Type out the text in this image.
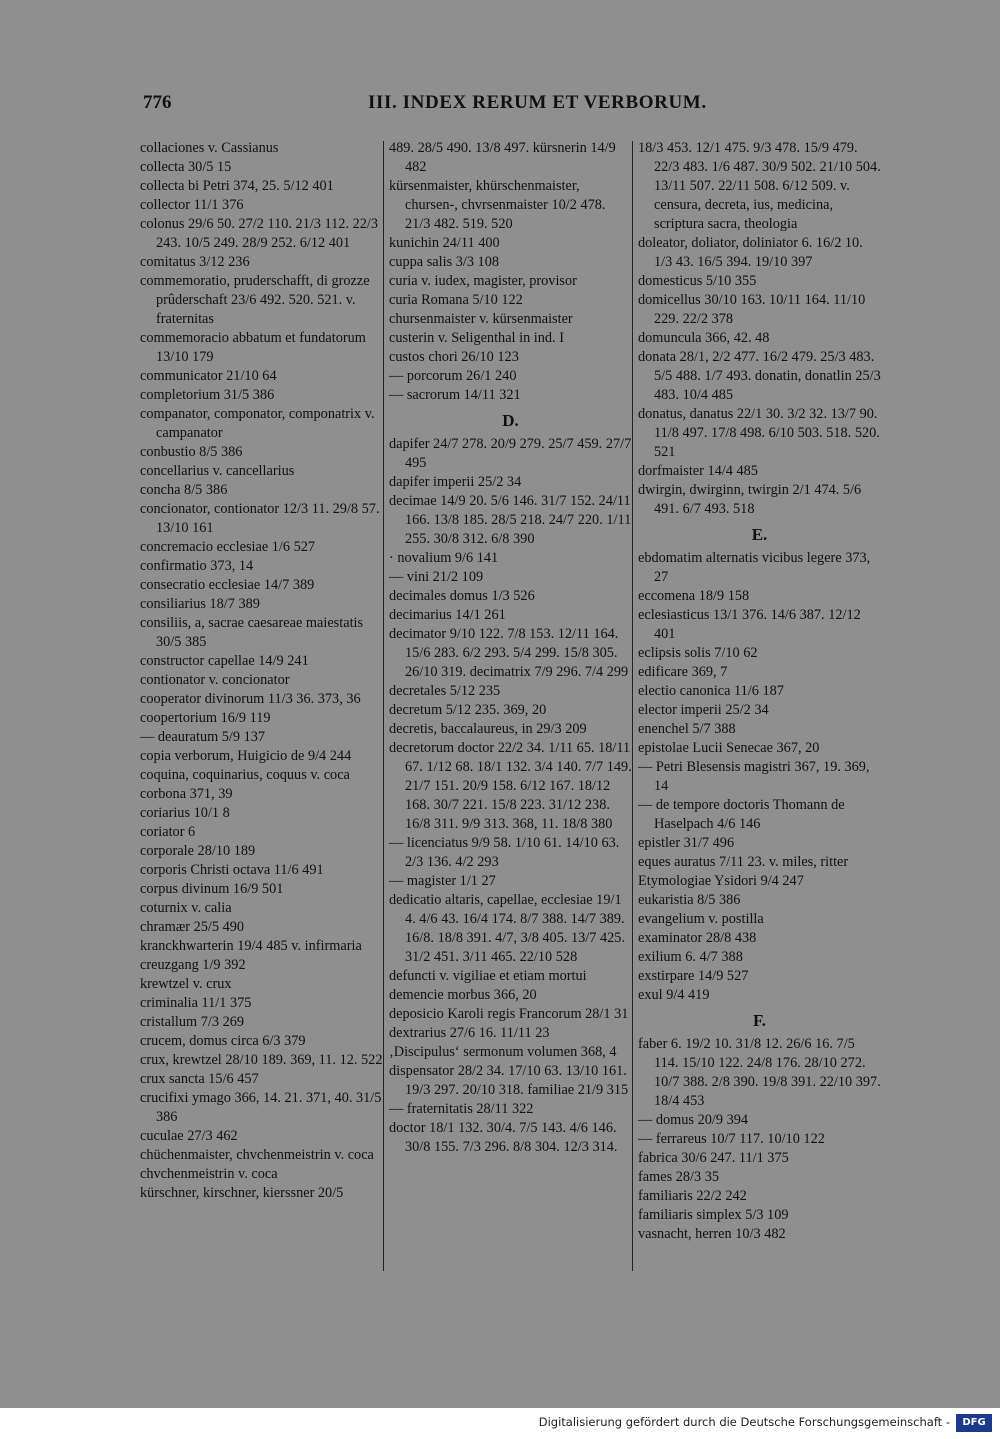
776	III. INDEX RERUM ET VERBORUM.
collaciones v. Cassianus
collecta 30/5 15
collecta bi Petri 374, 25. 5/12 401
collector 11/1 376
colonus 29/6 50. 27/2 110. 21/3 112. 22/3 243. 10/5 249. 28/9 252. 6/12 401
comitatus 3/12 236
commemoratio, pruderschafft, di grozze prûderschaft 23/6 492. 520. 521. v. fraternitas
commemoracio abbatum et fundatorum 13/10 179
communicator 21/10 64
completorium 31/5 386
companator, componator, componatrix v. campanator
conbustio 8/5 386
concellarius v. cancellarius
concha 8/5 386
concionator, contionator 12/3 11. 29/8 57. 13/10 161
concremacio ecclesiae 1/6 527
confirmatio 373, 14
consecratio ecclesiae 14/7 389
consiliarius 18/7 389
consiliis, a, sacrae caesareae maiestatis 30/5 385
constructor capellae 14/9 241
contionator v. concionator
cooperator divinorum 11/3 36. 373, 36
coopertorium 16/9 119
— deauratum 5/9 137
copia verborum, Huigicio de 9/4 244
coquina, coquinarius, coquus v. coca
corbona 371, 39
coriarius 10/1 8
coriator 6
corporale 28/10 189
corporis Christi octava 11/6 491
corpus divinum 16/9 501
coturnix v. calia
chramær 25/5 490
kranckhwarterin 19/4 485 v. infirmaria
creuzgang 1/9 392
krewtzel v. crux
criminalia 11/1 375
cristallum 7/3 269
crucem, domus circa 6/3 379
crux, krewtzel 28/10 189. 369, 11. 12. 522
crux sancta 15/6 457
crucifixi ymago 366, 14. 21. 371, 40. 31/5 386
cuculae 27/3 462
chüchenmaister, chvchenmeistrin v. coca
chvchenmeistrin v. coca
kürschner, kirschner, kierssner 20/5
489. 28/5 490. 13/8 497. kürsnerin 14/9 482
kürsenmaister, khürschenmaister, chursen-, chvrsenmaister 10/2 478. 21/3 482. 519. 520
kunichin 24/11 400
cuppa salis 3/3 108
curia v. iudex, magister, provisor
curia Romana 5/10 122
chursenmaister v. kürsenmaister
custerin v. Seligenthal in ind. I
custos chori 26/10 123
— porcorum 26/1 240
— sacrorum 14/11 321
D.
dapifer 24/7 278. 20/9 279. 25/7 459. 27/7 495
dapifer imperii 25/2 34
decimae 14/9 20. 5/6 146. 31/7 152. 24/11 166. 13/8 185. 28/5 218. 24/7 220. 1/11 255. 30/8 312. 6/8 390
· novalium 9/6 141
— vini 21/2 109
decimales domus 1/3 526
decimarius 14/1 261
decimator 9/10 122. 7/8 153. 12/11 164. 15/6 283. 6/2 293. 5/4 299. 15/8 305. 26/10 319. decimatrix 7/9 296. 7/4 299
decretales 5/12 235
decretum 5/12 235. 369, 20
decretis, baccalaureus, in 29/3 209
decretorum doctor 22/2 34. 1/11 65. 18/11 67. 1/12 68. 18/1 132. 3/4 140. 7/7 149. 21/7 151. 20/9 158. 6/12 167. 18/12 168. 30/7 221. 15/8 223. 31/12 238. 16/8 311. 9/9 313. 368, 11. 18/8 380
— licenciatus 9/9 58. 1/10 61. 14/10 63. 2/3 136. 4/2 293
— magister 1/1 27
dedicatio altaris, capellae, ecclesiae 19/1 4. 4/6 43. 16/4 174. 8/7 388. 14/7 389. 16/8. 18/8 391. 4/7, 3/8 405. 13/7 425. 31/2 451. 3/11 465. 22/10 528
defuncti v. vigiliae et etiam mortui
demencie morbus 366, 20
deposicio Karoli regis Francorum 28/1 31
dextrarius 27/6 16. 11/11 23
‚Discipulus‘ sermonum volumen 368, 4
dispensator 28/2 34. 17/10 63. 13/10 161. 19/3 297. 20/10 318. familiae 21/9 315
— fraternitatis 28/11 322
doctor 18/1 132. 30/4. 7/5 143. 4/6 146. 30/8 155. 7/3 296. 8/8 304. 12/3 314.
18/3 453. 12/1 475. 9/3 478. 15/9 479. 22/3 483. 1/6 487. 30/9 502. 21/10 504. 13/11 507. 22/11 508. 6/12 509. v. censura, decreta, ius, medicina, scriptura sacra, theologia
doleator, doliator, doliniator 6. 16/2 10. 1/3 43. 16/5 394. 19/10 397
domesticus 5/10 355
domicellus 30/10 163. 10/11 164. 11/10 229. 22/2 378
domuncula 366, 42. 48
donata 28/1, 2/2 477. 16/2 479. 25/3 483. 5/5 488. 1/7 493. donatin, donatlin 25/3 483. 10/4 485
donatus, danatus 22/1 30. 3/2 32. 13/7 90. 11/8 497. 17/8 498. 6/10 503. 518. 520. 521
dorfmaister 14/4 485
dwirgin, dwirginn, twirgin 2/1 474. 5/6 491. 6/7 493. 518
E.
ebdomatim alternatis vicibus legere 373, 27
eccomena 18/9 158
eclesiasticus 13/1 376. 14/6 387. 12/12 401
eclipsis solis 7/10 62
edificare 369, 7
electio canonica 11/6 187
elector imperii 25/2 34
enenchel 5/7 388
epistolae Lucii Senecae 367, 20
— Petri Blesensis magistri 367, 19. 369, 14
— de tempore doctoris Thomann de Haselpach 4/6 146
epistler 31/7 496
eques auratus 7/11 23. v. miles, ritter
Etymologiae Ysidori 9/4 247
eukaristia 8/5 386
evangelium v. postilla
examinator 28/8 438
exilium 6. 4/7 388
exstirpare 14/9 527
exul 9/4 419
F.
faber 6. 19/2 10. 31/8 12. 26/6 16. 7/5 114. 15/10 122. 24/8 176. 28/10 272. 10/7 388. 2/8 390. 19/8 391. 22/10 397. 18/4 453
— domus 20/9 394
— ferrareus 10/7 117. 10/10 122
fabrica 30/6 247. 11/1 375
fames 28/3 35
familiaris 22/2 242
familiaris simplex 5/3 109
vasnacht, herren 10/3 482
Digitalisierung gefördert durch die Deutsche Forschungsgemeinschaft -	DFG
